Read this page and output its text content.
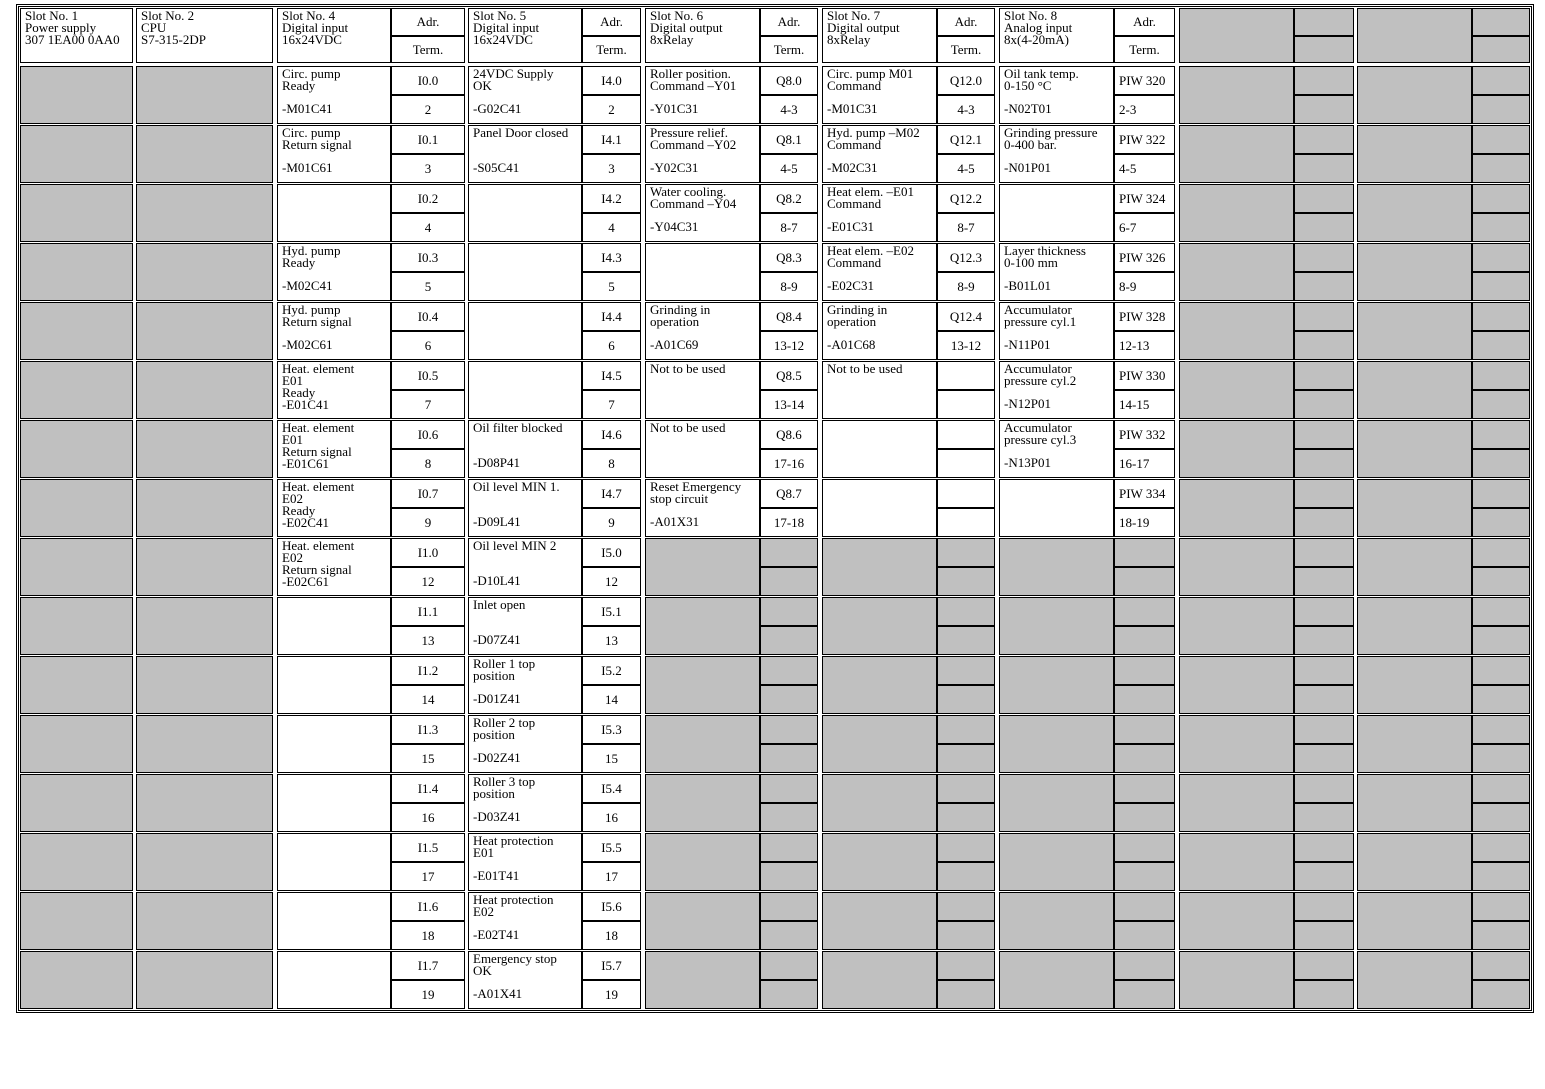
Slot No. 1
Power supply
307 1EA00 0AA0
Slot No. 2
CPU
S7-315-2DP
Slot No. 4
Digital input
16x24VDC
Adr.
Term.
Slot No. 5
Digital input
16x24VDC
Adr.
Term.
Slot No. 6
Digital output
8xRelay
Adr.
Term.
Slot No. 7
Digital output
8xRelay
Adr.
Term.
Slot No. 8
Analog input
8x(4-20mA)
Adr.
Term.
Circ. pump
Ready
-M01C41
I0.0
2
Circ. pump
Return signal
-M01C61
I0.1
3
I0.2
4
Hyd. pump
Ready
-M02C41
I0.3
5
Hyd. pump
Return signal
-M02C61
I0.4
6
Heat. element
E01
Ready
-E01C41
I0.5
7
Heat. element
E01
Return signal
-E01C61
I0.6
8
Heat. element
E02
Ready
-E02C41
I0.7
9
Heat. element
E02
Return signal
-E02C61
I1.0
12
I1.1
13
I1.2
14
I1.3
15
I1.4
16
I1.5
17
I1.6
18
I1.7
19
24VDC Supply
OK
-G02C41
I4.0
2
Panel Door closed
-S05C41
I4.1
3
I4.2
4
I4.3
5
I4.4
6
I4.5
7
Oil filter blocked
-D08P41
I4.6
8
Oil level MIN 1.
-D09L41
I4.7
9
Oil level MIN 2
-D10L41
I5.0
12
Inlet open
-D07Z41
I5.1
13
Roller 1 top
position
-D01Z41
I5.2
14
Roller 2 top
position
-D02Z41
I5.3
15
Roller 3 top
position
-D03Z41
I5.4
16
Heat protection
E01
-E01T41
I5.5
17
Heat protection
E02
-E02T41
I5.6
18
Emergency stop
OK
-A01X41
I5.7
19
Roller position.
Command –Y01
-Y01C31
Q8.0
4-3
Pressure relief.
Command –Y02
-Y02C31
Q8.1
4-5
Water cooling.
Command –Y04
-Y04C31
Q8.2
8-7
Q8.3
8-9
Grinding in
operation
-A01C69
Q8.4
13-12
Not to be used	Q8.5
13-14
Not to be used	Q8.6
17-16
Reset Emergency
stop circuit
-A01X31
Q8.7
17-18
Circ. pump M01
Command
-M01C31
Q12.0
4-3
Hyd. pump –M02
Command
-M02C31
Q12.1
4-5
Heat elem. –E01
Command
-E01C31
Q12.2
8-7
Heat elem. –E02
Command
-E02C31
Q12.3
8-9
Grinding in
operation
-A01C68
Q12.4
13-12
Not to be used
Oil tank temp.
0-150 °C
-N02T01
PIW 320
2-3
Grinding pressure
0-400 bar.
-N01P01
PIW 322
4-5
PIW 324
6-7
Layer thickness
0-100 mm
-B01L01
PIW 326
8-9
Accumulator
pressure cyl.1
-N11P01
PIW 328
12-13
Accumulator
pressure cyl.2
-N12P01
PIW 330
14-15
Accumulator
pressure cyl.3
-N13P01
PIW 332
16-17
PIW 334
18-19
